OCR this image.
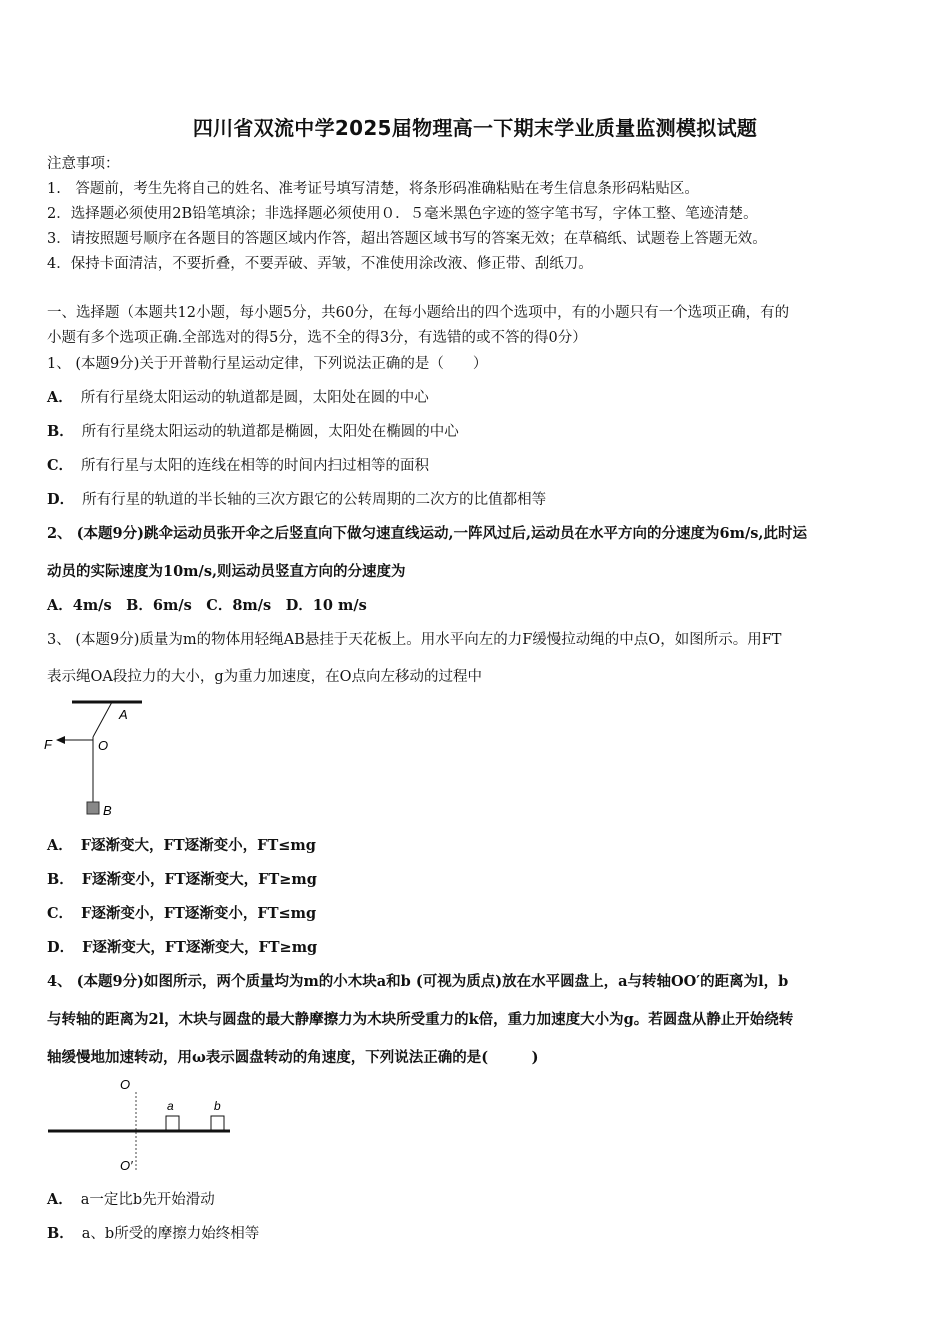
四川省双流中学2025届物理高一下期末学业质量监测模拟试题
注意事项：
1.　答题前，考生先将自己的姓名、准考证号填写清楚，将条形码准确粘贴在考生信息条形码粘贴区。
2．选择题必须使用2B铅笔填涂；非选择题必须使用０．５毫米黑色字迹的签字笔书写，字体工整、笔迹清楚。
3．请按照题号顺序在各题目的答题区域内作答，超出答题区域书写的答案无效；在草稿纸、试题卷上答题无效。
4．保持卡面清洁，不要折叠，不要弄破、弄皱，不准使用涂改液、修正带、刮纸刀。
一、选择题（本题共12小题，每小题5分，共60分，在每小题给出的四个选项中，有的小题只有一个选项正确，有的
小题有多个选项正确.全部选对的得5分，选不全的得3分，有选错的或不答的得0分）
1、 (本题9分)关于开普勒行星运动定律，下列说法正确的是（　　）
A． 所有行星绕太阳运动的轨道都是圆，太阳处在圆的中心
B． 所有行星绕太阳运动的轨道都是椭圆，太阳处在椭圆的中心
C． 所有行星与太阳的连线在相等的时间内扫过相等的面积
D． 所有行星的轨道的半长轴的三次方跟它的公转周期的二次方的比值都相等
2、 (本题9分)跳伞运动员张开伞之后竖直向下做匀速直线运动,一阵风过后,运动员在水平方向的分速度为6m/s,此时运
动员的实际速度为10m/s,则运动员竖直方向的分速度为
A．4m/s　B．6m/s　C．8m/s　D．10 m/s
3、 (本题9分)质量为m的物体用轻绳AB悬挂于天花板上。用水平向左的力F缓慢拉动绳的中点O，如图所示。用FT
表示绳OA段拉力的大小，g为重力加速度，在O点向左移动的过程中
A
F	O
B
A． F逐渐变大，FT逐渐变小，FT≤mg
B． F逐渐变小，FT逐渐变大，FT≥mg
C． F逐渐变小，FT逐渐变小，FT≤mg
D． F逐渐变大，FT逐渐变大，FT≥mg
4、 (本题9分)如图所示，两个质量均为m的小木块a和b (可视为质点)放在水平圆盘上，a与转轴OO′的距离为l，b
与转轴的距离为2l，木块与圆盘的最大静摩擦力为木块所受重力的k倍，重力加速度大小为g。若圆盘从静止开始绕转
轴缓慢地加速转动，用ω表示圆盘转动的角速度，下列说法正确的是(　　　)
O
O′
a	b
A． a一定比b先开始滑动
B． a、b所受的摩擦力始终相等
